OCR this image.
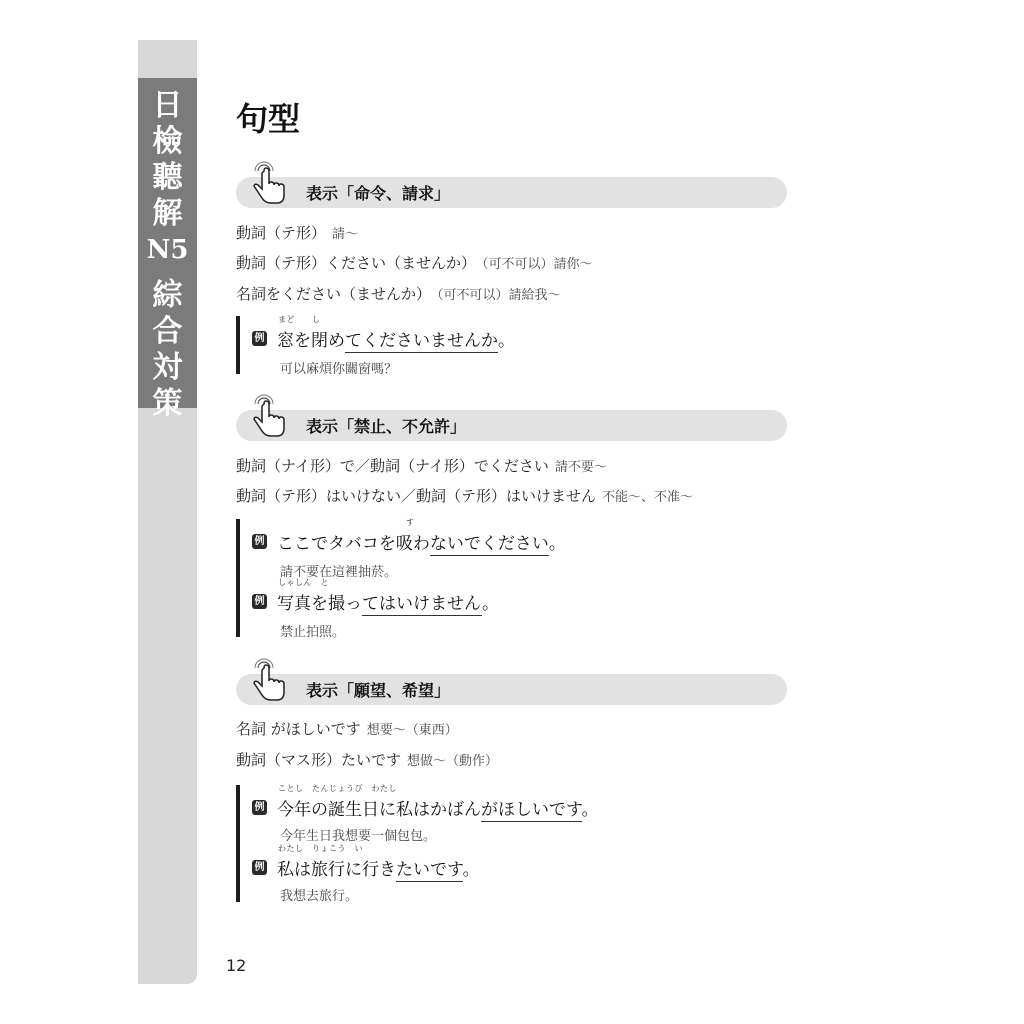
日
檢
聽
解
N5
綜
合
対
策
句型
表示「命令、請求」
動詞（テ形） 請～
動詞（テ形）ください（ませんか） （可不可以）請你～
名詞をください（ませんか） （可不可以）請給我～
まど　　し
例 窓を閉めてくださいませんか。
可以麻煩你關窗嗎？
表示「禁止、不允許」
動詞（ナイ形）で／動詞（ナイ形）でください 請不要～
動詞（テ形）はいけない／動詞（テ形）はいけません 不能～、不准～
す
例 ここでタバコを吸わないでください。
請不要在這裡抽菸。
しゃしん　と
例 写真を撮ってはいけません。
禁止拍照。
表示「願望、希望」
名詞 がほしいです 想要～（東西）
動詞（マス形）たいです 想做～（動作）
ことし　たんじょうび　わたし
例 今年の誕生日に私はかばんがほしいです。
今年生日我想要一個包包。
わたし　りょこう　い
例 私は旅行に行きたいです。
我想去旅行。
12
